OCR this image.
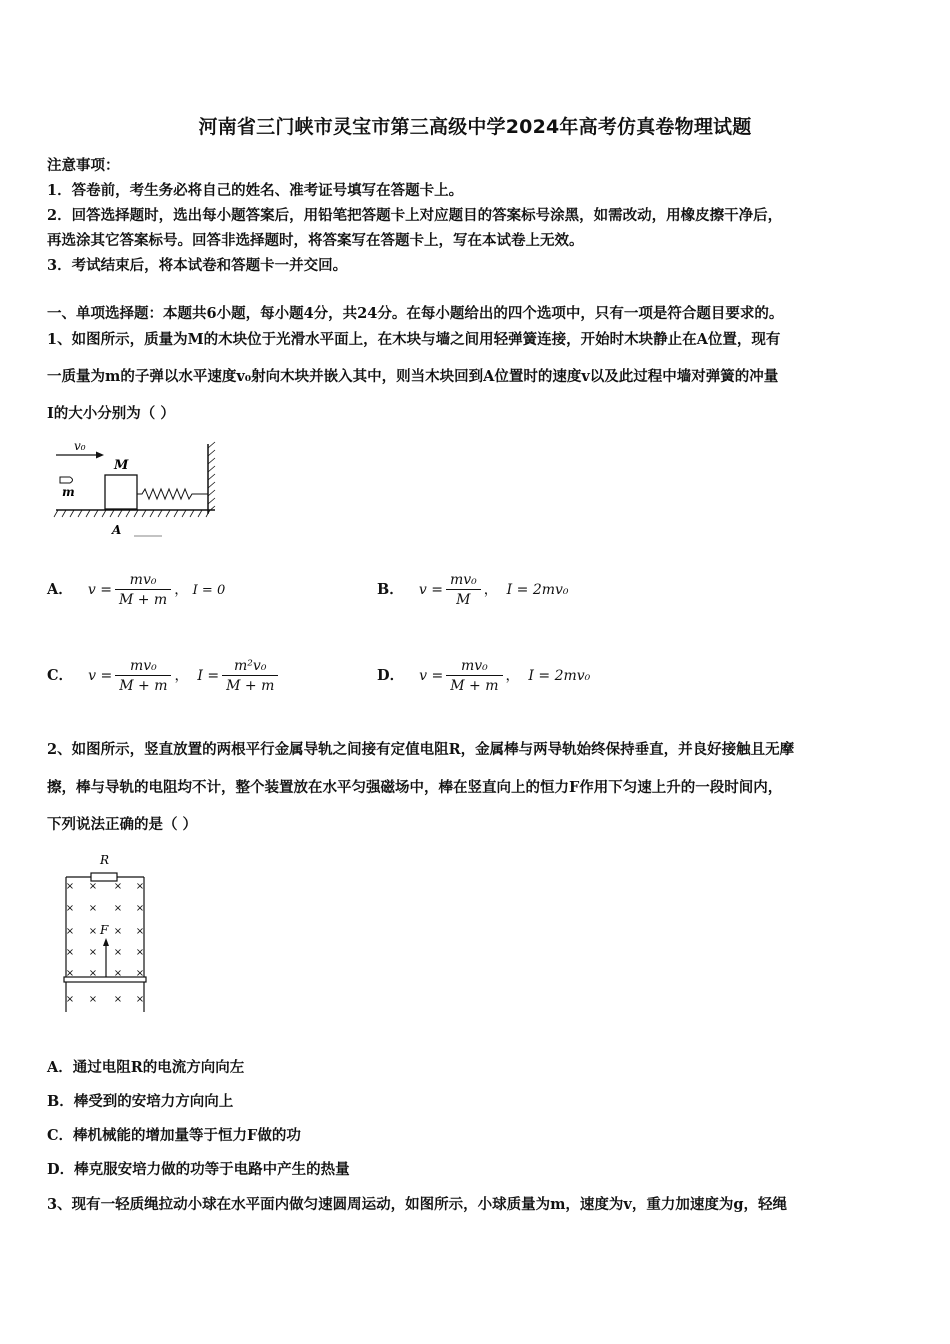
河南省三门峡市灵宝市第三高级中学2024年高考仿真卷物理试题
注意事项：
1．答卷前，考生务必将自己的姓名、准考证号填写在答题卡上。
2．回答选择题时，选出每小题答案后，用铅笔把答题卡上对应题目的答案标号涂黑，如需改动，用橡皮擦干净后，
再选涂其它答案标号。回答非选择题时，将答案写在答题卡上，写在本试卷上无效。
3．考试结束后，将本试卷和答题卡一并交回。
一、单项选择题：本题共6小题，每小题4分，共24分。在每小题给出的四个选项中，只有一项是符合题目要求的。
1、如图所示，质量为M的木块位于光滑水平面上，在木块与墙之间用轻弹簧连接，开始时木块静止在A位置，现有
一质量为m的子弹以水平速度v₀射向木块并嵌入其中，则当木块回到A位置时的速度v以及此过程中墙对弹簧的冲量
I的大小分别为（ ）
v₀
m
M
A
A． $v = \frac{\text{mv₀}}{M + m}$ ， I = 0	B． $v = \frac{\text{mv₀}}{M}$ ， I = 2mv₀
C． $v = \frac{\text{mv₀}}{M + m}$ ， $I = \frac{\text{m²v₀}}{M + m}$	D． $v = \frac{\text{mv₀}}{M + m}$ ， I = 2mv₀
2、如图所示，竖直放置的两根平行金属导轨之间接有定值电阻R，金属棒与两导轨始终保持垂直，并良好接触且无摩
擦，棒与导轨的电阻均不计，整个装置放在水平匀强磁场中，棒在竖直向上的恒力F作用下匀速上升的一段时间内，
下列说法正确的是（ ）
R
F
× × × ×
× × × ×
× × × ×
× × × ×
× × × ×
× × × ×
A．通过电阻R的电流方向向左
B．棒受到的安培力方向向上
C．棒机械能的增加量等于恒力F做的功
D．棒克服安培力做的功等于电路中产生的热量
3、现有一轻质绳拉动小球在水平面内做匀速圆周运动，如图所示，小球质量为m，速度为v，重力加速度为g，轻绳
